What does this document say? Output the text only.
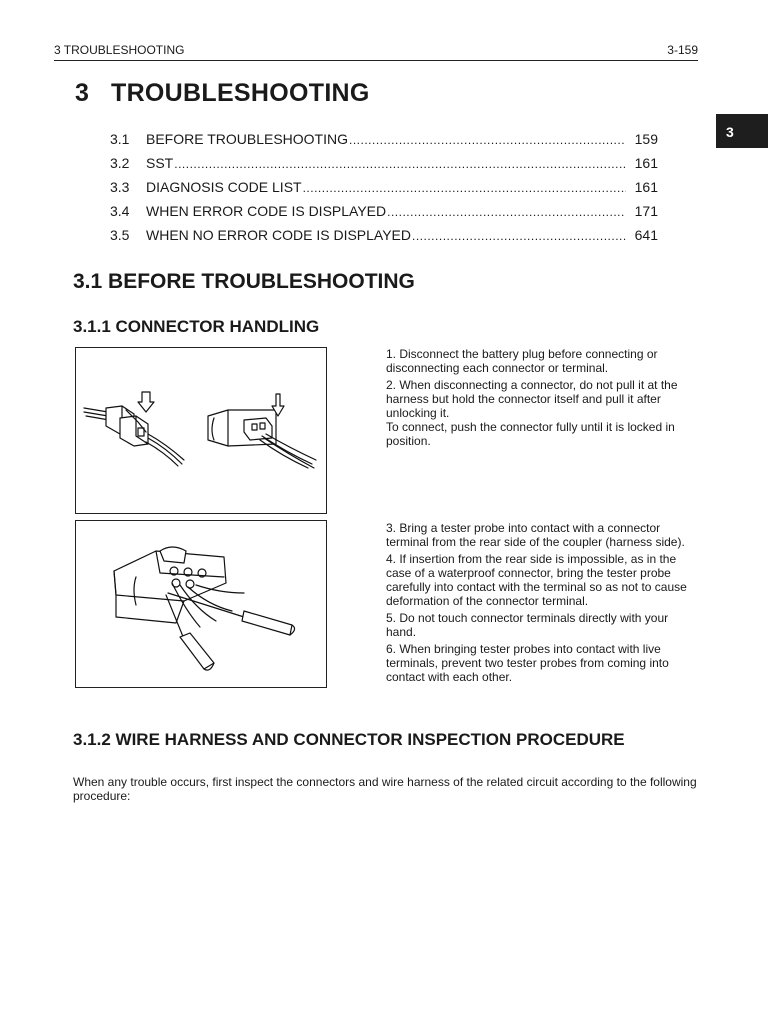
3 TROUBLESHOOTING	3-159
3 TROUBLESHOOTING
3
3.1	BEFORE TROUBLESHOOTING .....	159
3.2	SST .....	161
3.3	DIAGNOSIS CODE LIST .....	161
3.4	WHEN ERROR CODE IS DISPLAYED .....	171
3.5	WHEN NO ERROR CODE IS DISPLAYED .....	641
3.1 BEFORE TROUBLESHOOTING
3.1.1 CONNECTOR HANDLING

1. Disconnect the battery plug before connecting or disconnecting each connector or terminal.

2. When disconnecting a connector, do not pull it at the harness but hold the connector itself and pull it after unlocking it.

To connect, push the connector fully until it is locked in position.

3. Bring a tester probe into contact with a connector terminal from the rear side of the coupler (harness side).

4. If insertion from the rear side is impossible, as in the case of a waterproof connector, bring the tester probe carefully into contact with the terminal so as not to cause deformation of the connector terminal.

5. Do not touch connector terminals directly with your hand.

6. When bringing tester probes into contact with live terminals, prevent two tester probes from coming into contact with each other.

3.1.2 WIRE HARNESS AND CONNECTOR INSPECTION PROCEDURE

When any trouble occurs, first inspect the connectors and wire harness of the related circuit according to the following procedure:
